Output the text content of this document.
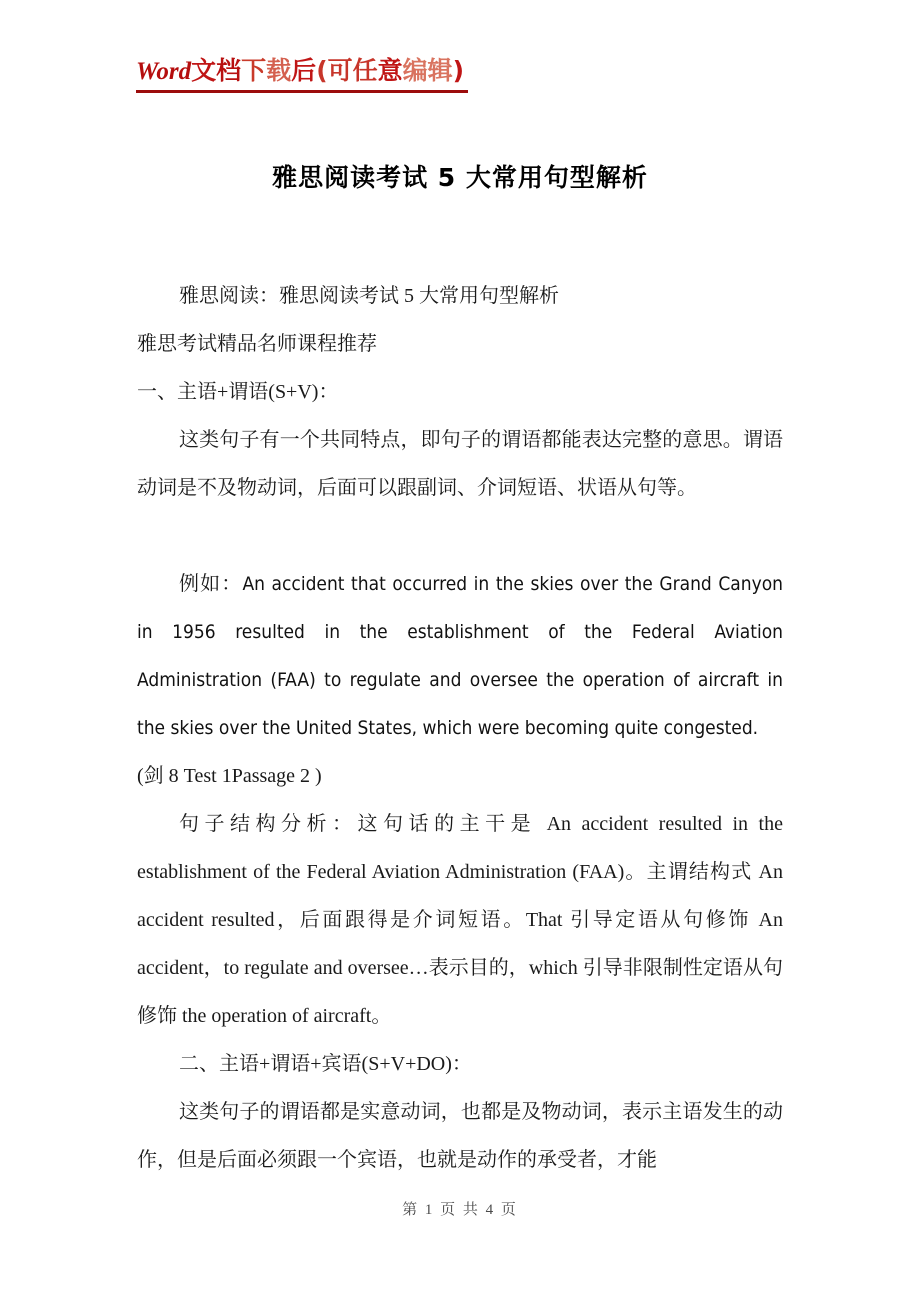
Word文档下载后(可任意编辑)
雅思阅读考试 5 大常用句型解析

雅思阅读：雅思阅读考试 5 大常用句型解析

雅思考试精品名师课程推荐

一、主语+谓语(S+V)：

这类句子有一个共同特点，即句子的谓语都能表达完整的意思。谓语动词是不及物动词，后面可以跟副词、介词短语、状语从句等。

例如：An accident that occurred in the skies over the Grand Canyon in 1956 resulted in the establishment of the Federal Aviation Administration (FAA) to regulate and oversee the operation of aircraft in the skies over the United States, which were becoming quite congested.

(剑 8 Test 1Passage 2 )

句子结构分析：这句话的主干是 An accident resulted in the establishment of the Federal Aviation Administration (FAA)。主谓结构式 An accident resulted，后面跟得是介词短语。That 引导定语从句修饰 An accident，to regulate and oversee…表示目的，which 引导非限制性定语从句修饰 the operation of aircraft。

二、主语+谓语+宾语(S+V+DO)：

这类句子的谓语都是实意动词，也都是及物动词，表示主语发生的动作，但是后面必须跟一个宾语，也就是动作的承受者，才能

第 1 页 共 4 页
